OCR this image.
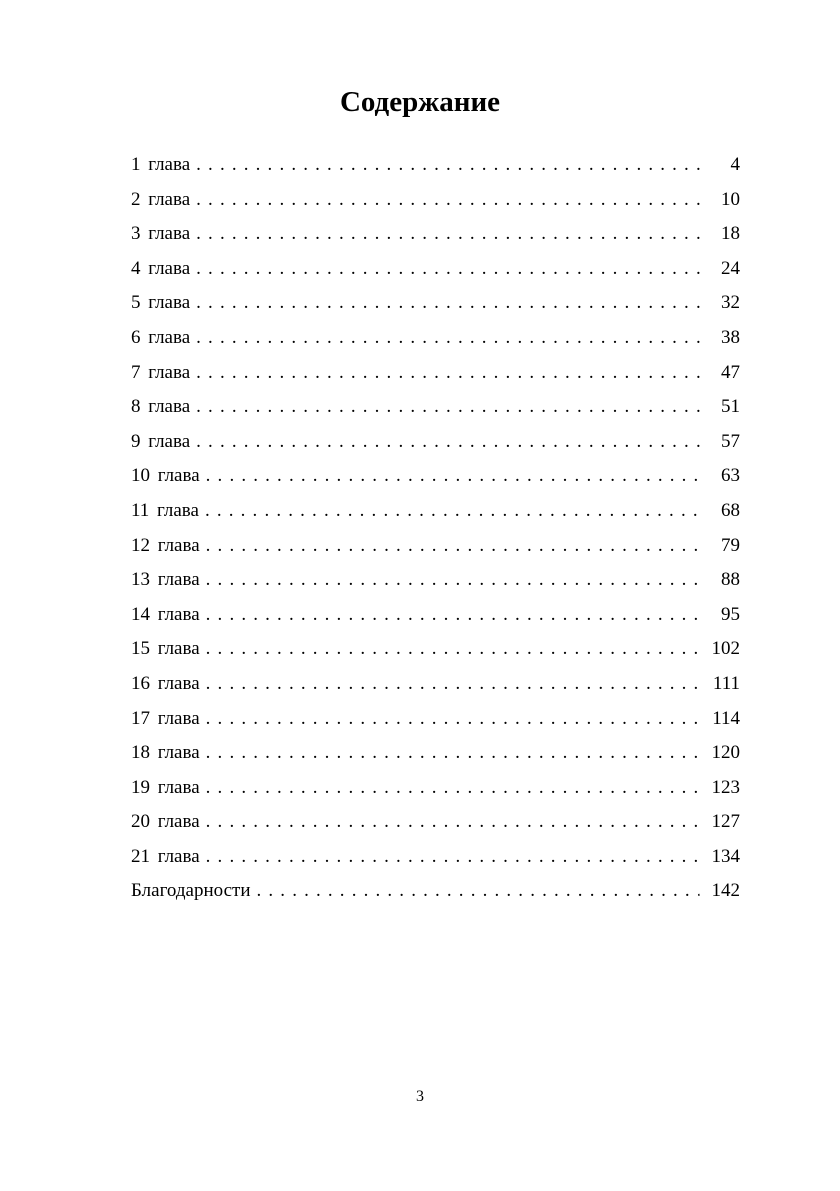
Содержание
1 глава . . .	4
2 глава . . .	10
3 глава . . .	18
4 глава . . .	24
5 глава . . .	32
6 глава . . .	38
7 глава . . .	47
8 глава . . .	51
9 глава . . .	57
10 глава . . .	63
11 глава . . .	68
12 глава . . .	79
13 глава . . .	88
14 глава . . .	95
15 глава . . .	102
16 глава . . .	111
17 глава . . .	114
18 глава . . .	120
19 глава . . .	123
20 глава . . .	127
21 глава . . .	134
Благодарности . . .	142
3
